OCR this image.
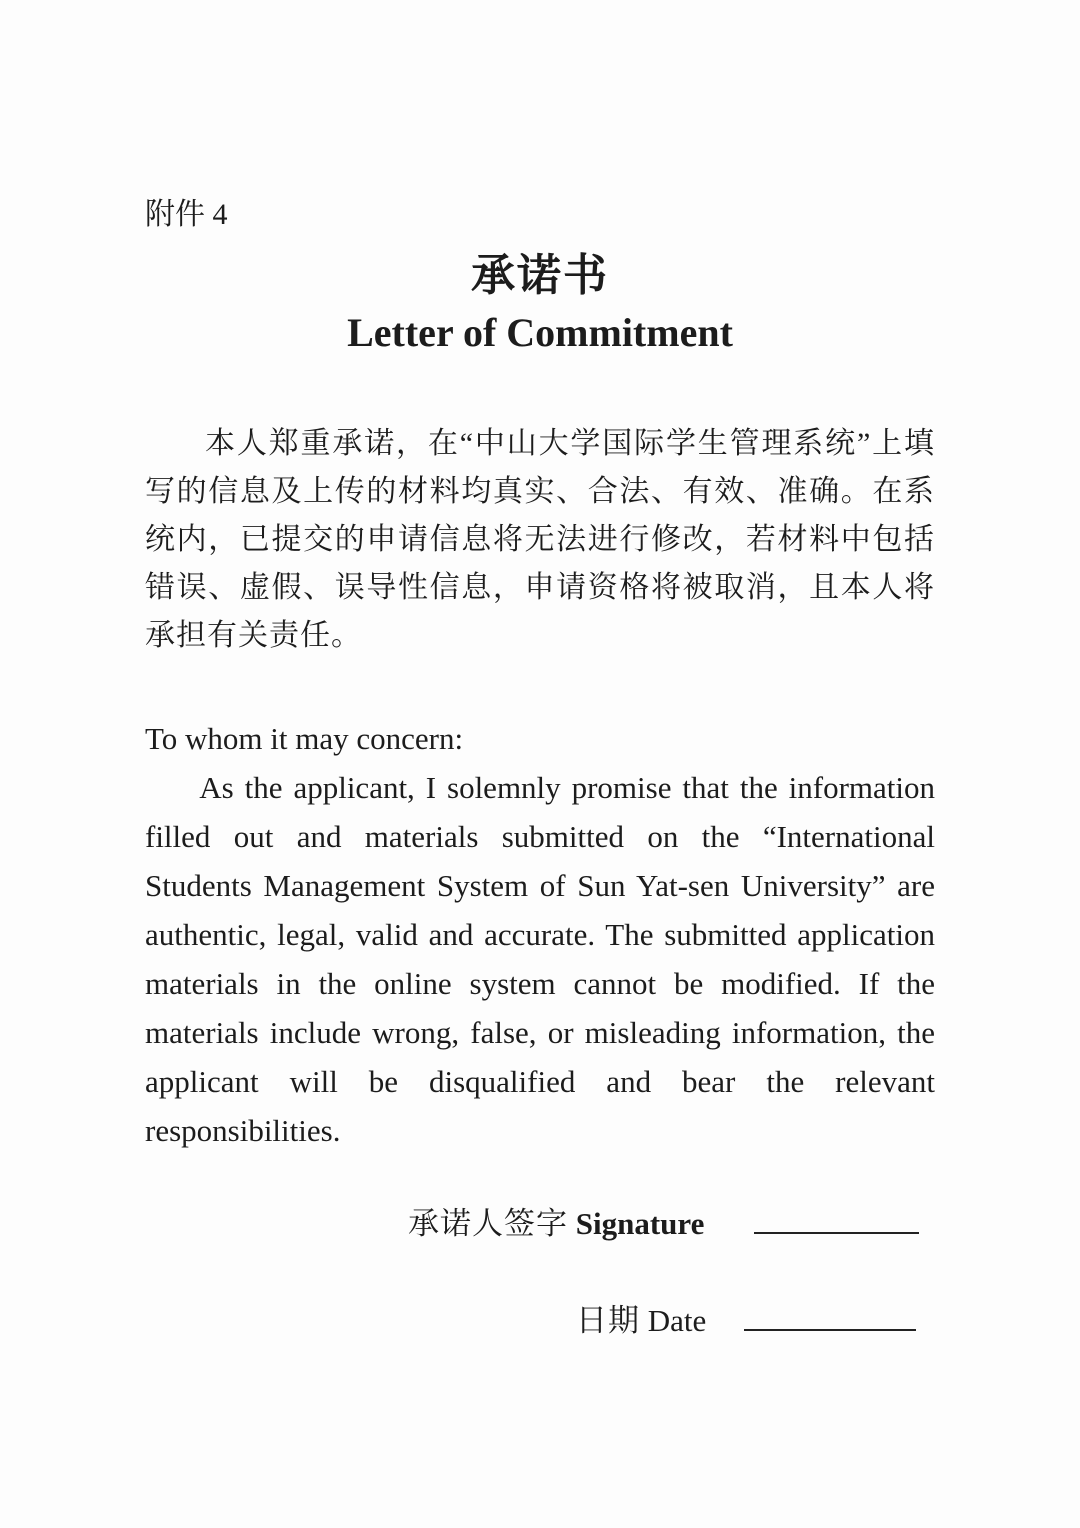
附件 4
承诺书
Letter of Commitment

本人郑重承诺，在“中山大学国际学生管理系统”上填写的信息及上传的材料均真实、合法、有效、准确。在系统内，已提交的申请信息将无法进行修改，若材料中包括错误、虚假、误导性信息，申请资格将被取消，且本人将承担有关责任。

To whom it may concern:

As the applicant, I solemnly promise that the information filled out and materials submitted on the “International Students Management System of Sun Yat-sen University” are authentic, legal, valid and accurate. The submitted application materials in the online system cannot be modified. If the materials include wrong, false, or misleading information, the applicant will be disqualified and bear the relevant responsibilities.

承诺人签字 Signature
日期 Date
